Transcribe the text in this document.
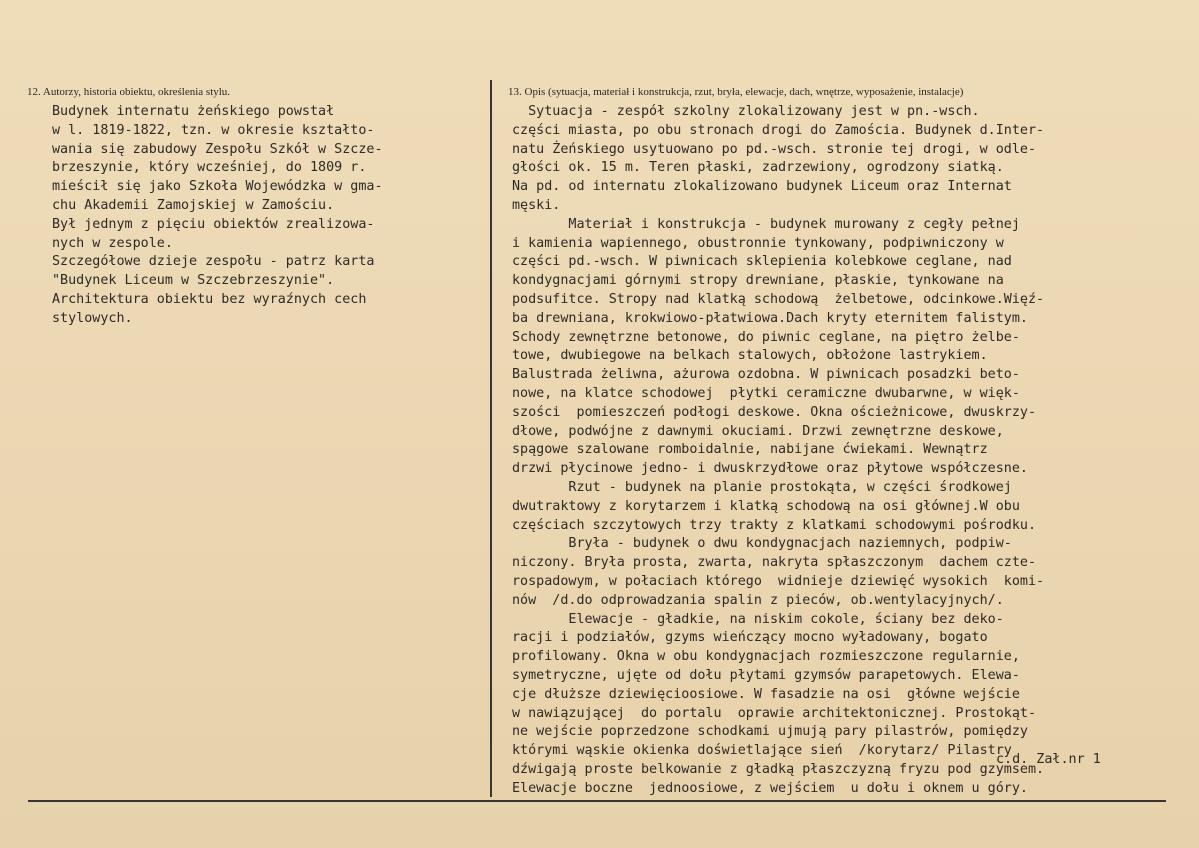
12. Autorzy, historia obiektu, określenia stylu.	13. Opis (sytuacja, materiał i konstrukcja, rzut, bryła, elewacje, dach, wnętrze, wyposażenie, instalacje)

Budynek internatu żeńskiego powstał

w l. 1819-1822, tzn. w okresie kształto-

wania się zabudowy Zespołu Szkół w Szcze-

brzeszynie, który wcześniej, do 1809 r.

mieścił się jako Szkoła Wojewódzka w gma-

chu Akademii Zamojskiej w Zamościu.

Był jednym z pięciu obiektów zrealizowa-

nych w zespole.

Szczegółowe dzieje zespołu - patrz karta

"Budynek Liceum w Szczebrzeszynie".

Architektura obiektu bez wyraźnych cech

stylowych.

Sytuacja - zespół szkolny zlokalizowany jest w pn.-wsch.

części miasta, po obu stronach drogi do Zamościa. Budynek d.Inter-

natu Żeńskiego usytuowano po pd.-wsch. stronie tej drogi, w odle-

głości ok. 15 m. Teren płaski, zadrzewiony, ogrodzony siatką.

Na pd. od internatu zlokalizowano budynek Liceum oraz Internat

męski.

Materiał i konstrukcja - budynek murowany z cegły pełnej

i kamienia wapiennego, obustronnie tynkowany, podpiwniczony w

części pd.-wsch. W piwnicach sklepienia kolebkowe ceglane, nad

kondygnacjami górnymi stropy drewniane, płaskie, tynkowane na

podsufitce. Stropy nad klatką schodową  żelbetowe, odcinkowe.Więź-

ba drewniana, krokwiowo-płatwiowa.Dach kryty eternitem falistym.

Schody zewnętrzne betonowe, do piwnic ceglane, na piętro żelbe-

towe, dwubiegowe na belkach stalowych, obłożone lastrykiem.

Balustrada żeliwna, ażurowa ozdobna. W piwnicach posadzki beto-

nowe, na klatce schodowej  płytki ceramiczne dwubarwne, w więk-

szości  pomieszczeń podłogi deskowe. Okna ościeżnicowe, dwuskrzy-

dłowe, podwójne z dawnymi okuciami. Drzwi zewnętrzne deskowe,

spągowe szalowane romboidalnie, nabijane ćwiekami. Wewnątrz

drzwi płycinowe jedno- i dwuskrzydłowe oraz płytowe współczesne.

Rzut - budynek na planie prostokąta, w części środkowej

dwutraktowy z korytarzem i klatką schodową na osi głównej.W obu

częściach szczytowych trzy trakty z klatkami schodowymi pośrodku.

Bryła - budynek o dwu kondygnacjach naziemnych, podpiw-

niczony. Bryła prosta, zwarta, nakryta spłaszczonym  dachem czte-

rospadowym, w połaciach którego  widnieje dziewięć wysokich  komi-

nów  /d.do odprowadzania spalin z pieców, ob.wentylacyjnych/.

Elewacje - gładkie, na niskim cokole, ściany bez deko-

racji i podziałów, gzyms wieńczący mocno wyładowany, bogato

profilowany. Okna w obu kondygnacjach rozmieszczone regularnie,

symetryczne, ujęte od dołu płytami gzymsów parapetowych. Elewa-

cje dłuższe dziewięcioosiowe. W fasadzie na osi  główne wejście

w nawiązującej  do portalu  oprawie architektonicznej. Prostokąt-

ne wejście poprzedzone schodkami ujmują pary pilastrów, pomiędzy

którymi wąskie okienka doświetlające sień  /korytarz/ Pilastry

dźwigają proste belkowanie z gładką płaszczyzną fryzu pod gzymsem.

Elewacje boczne  jednoosiowe, z wejściem  u dołu i oknem u góry.

c.d. Zał.nr 1
